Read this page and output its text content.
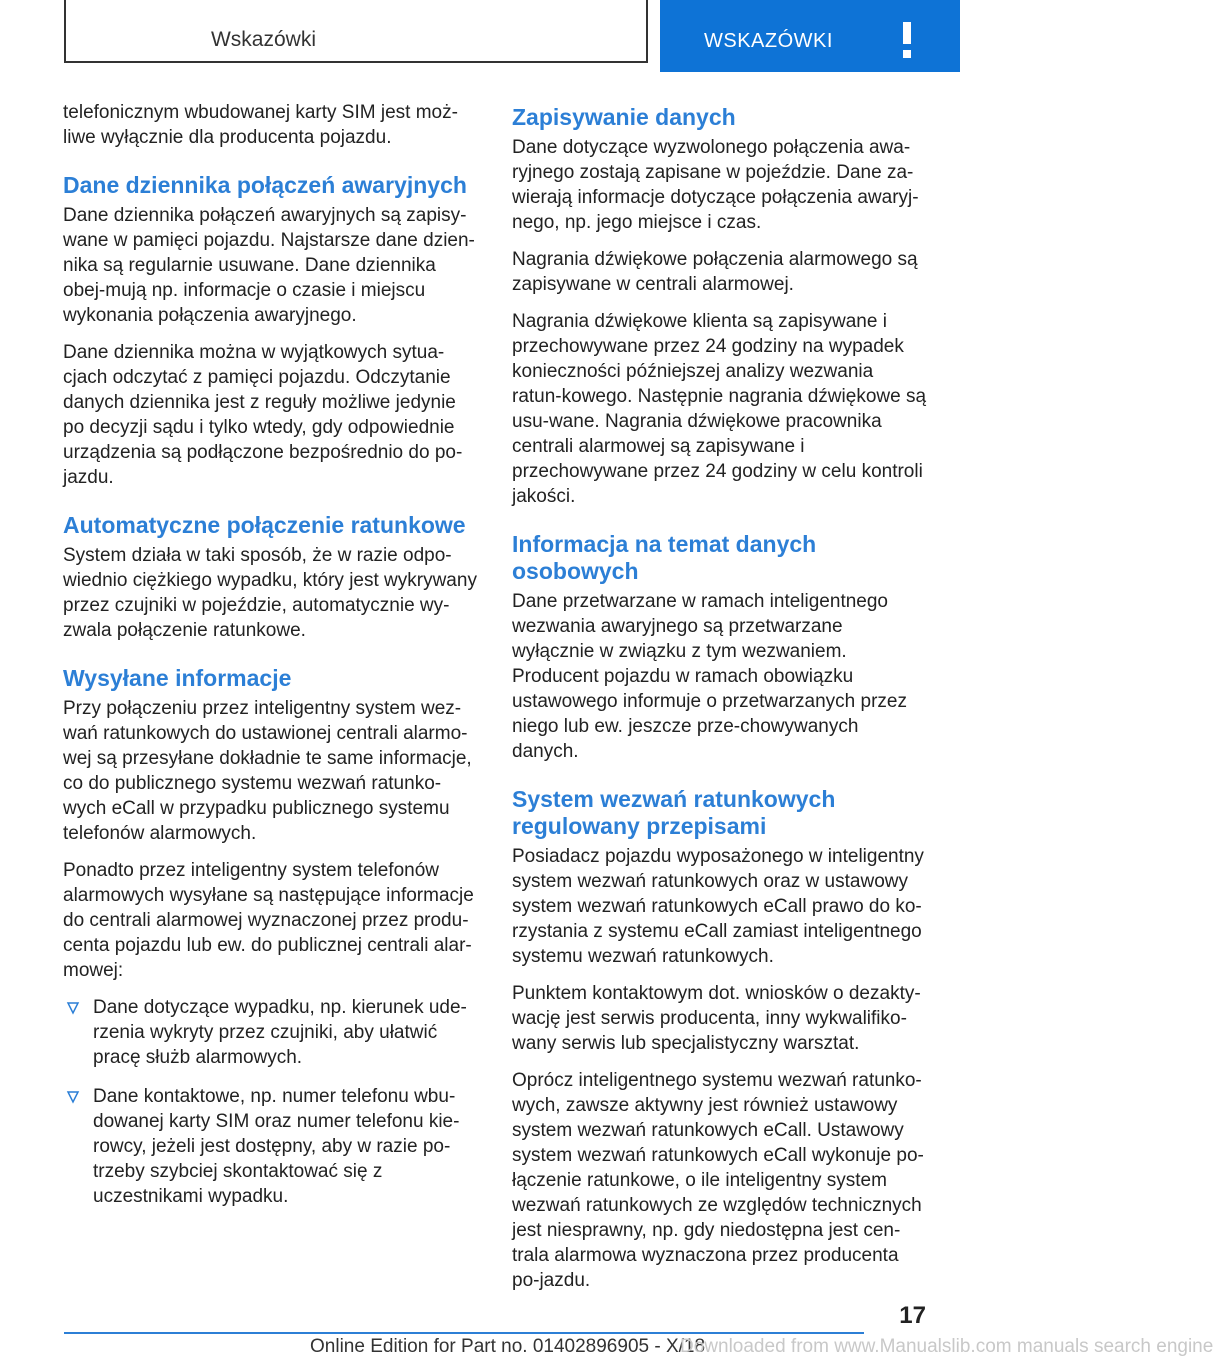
Wskazówki	WSKAZÓWKI

telefonicznym wbudowanej karty SIM jest moż‐liwe wyłącznie dla producenta pojazdu.

Dane dziennika połączeń awaryjnych

Dane dziennika połączeń awaryjnych są zapisy‐wane w pamięci pojazdu. Najstarsze dane dzien‐nika są regularnie usuwane. Dane dziennika obej‐mują np. informacje o czasie i miejscu wykonania połączenia awaryjnego.

Dane dziennika można w wyjątkowych sytua‐cjach odczytać z pamięci pojazdu. Odczytanie danych dziennika jest z reguły możliwe jedynie po decyzji sądu i tylko wtedy, gdy odpowiednie urządzenia są podłączone bezpośrednio do po‐jazdu.

Automatyczne połączenie ratunkowe

System działa w taki sposób, że w razie odpo‐wiednio ciężkiego wypadku, który jest wykrywany przez czujniki w pojeździe, automatycznie wy‐zwala połączenie ratunkowe.

Wysyłane informacje

Przy połączeniu przez inteligentny system wez‐wań ratunkowych do ustawionej centrali alarmo‐wej są przesyłane dokładnie te same informacje, co do publicznego systemu wezwań ratunko‐wych eCall w przypadku publicznego systemu telefonów alarmowych.

Ponadto przez inteligentny system telefonów alarmowych wysyłane są następujące informacje do centrali alarmowej wyznaczonej przez produ‐centa pojazdu lub ew. do publicznej centrali alar‐mowej:

Dane dotyczące wypadku, np. kierunek ude‐rzenia wykryty przez czujniki, aby ułatwić pracę służb alarmowych.
Dane kontaktowe, np. numer telefonu wbu‐dowanej karty SIM oraz numer telefonu kie‐rowcy, jeżeli jest dostępny, aby w razie po‐trzeby szybciej skontaktować się z uczestnikami wypadku.
Zapisywanie danych

Dane dotyczące wyzwolonego połączenia awa‐ryjnego zostają zapisane w pojeździe. Dane za‐wierają informacje dotyczące połączenia awaryj‐nego, np. jego miejsce i czas.

Nagrania dźwiękowe połączenia alarmowego są zapisywane w centrali alarmowej.

Nagrania dźwiękowe klienta są zapisywane i przechowywane przez 24 godziny na wypadek konieczności późniejszej analizy wezwania ratun‐kowego. Następnie nagrania dźwiękowe są usu‐wane. Nagrania dźwiękowe pracownika centrali alarmowej są zapisywane i przechowywane przez 24 godziny w celu kontroli jakości.

Informacja na temat danych osobowych

Dane przetwarzane w ramach inteligentnego wezwania awaryjnego są przetwarzane wyłącznie w związku z tym wezwaniem. Producent pojazdu w ramach obowiązku ustawowego informuje o przetwarzanych przez niego lub ew. jeszcze prze‐chowywanych danych.

System wezwań ratunkowych regulowany przepisami

Posiadacz pojazdu wyposażonego w inteligentny system wezwań ratunkowych oraz w ustawowy system wezwań ratunkowych eCall prawo do ko‐rzystania z systemu eCall zamiast inteligentnego systemu wezwań ratunkowych.

Punktem kontaktowym dot. wniosków o dezakty‐wację jest serwis producenta, inny wykwalifiko‐wany serwis lub specjalistyczny warsztat.

Oprócz inteligentnego systemu wezwań ratunko‐wych, zawsze aktywny jest również ustawowy system wezwań ratunkowych eCall. Ustawowy system wezwań ratunkowych eCall wykonuje po‐łączenie ratunkowe, o ile inteligentny system wezwań ratunkowych ze względów technicznych jest niesprawny, np. gdy niedostępna jest cen‐trala alarmowa wyznaczona przez producenta po‐jazdu.

17
Online Edition for Part no. 01402896905 - X/18
Downloaded from www.Manualslib.com manuals search engine
